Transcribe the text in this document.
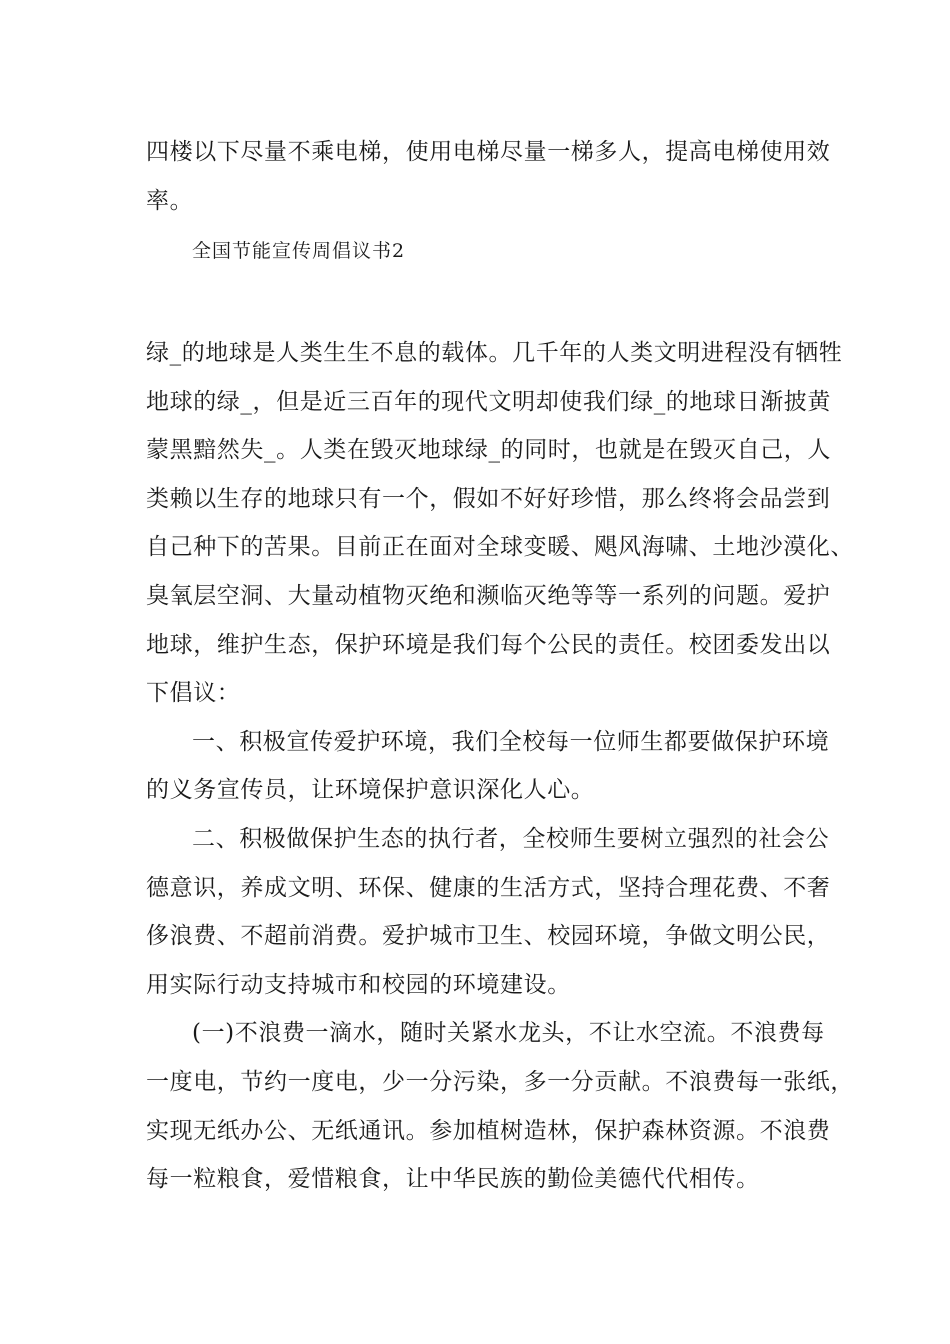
四楼以下尽量不乘电梯，使用电梯尽量一梯多人，提高电梯使用效
率。
全国节能宣传周倡议书2
绿_的地球是人类生生不息的载体。几千年的人类文明进程没有牺牲
地球的绿_，但是近三百年的现代文明却使我们绿_的地球日渐披黄
蒙黑黯然失_。人类在毁灭地球绿_的同时，也就是在毁灭自己，人
类赖以生存的地球只有一个，假如不好好珍惜，那么终将会品尝到
自己种下的苦果。目前正在面对全球变暖、飓风海啸、土地沙漠化、
臭氧层空洞、大量动植物灭绝和濒临灭绝等等一系列的问题。爱护
地球，维护生态，保护环境是我们每个公民的责任。校团委发出以
下倡议：
一、积极宣传爱护环境，我们全校每一位师生都要做保护环境
的义务宣传员，让环境保护意识深化人心。
二、积极做保护生态的执行者，全校师生要树立强烈的社会公
德意识，养成文明、环保、健康的生活方式，坚持合理花费、不奢
侈浪费、不超前消费。爱护城市卫生、校园环境，争做文明公民，
用实际行动支持城市和校园的环境建设。
(一)不浪费一滴水，随时关紧水龙头，不让水空流。不浪费每
一度电，节约一度电，少一分污染，多一分贡献。不浪费每一张纸，
实现无纸办公、无纸通讯。参加植树造林，保护森林资源。不浪费
每一粒粮食，爱惜粮食，让中华民族的勤俭美德代代相传。
